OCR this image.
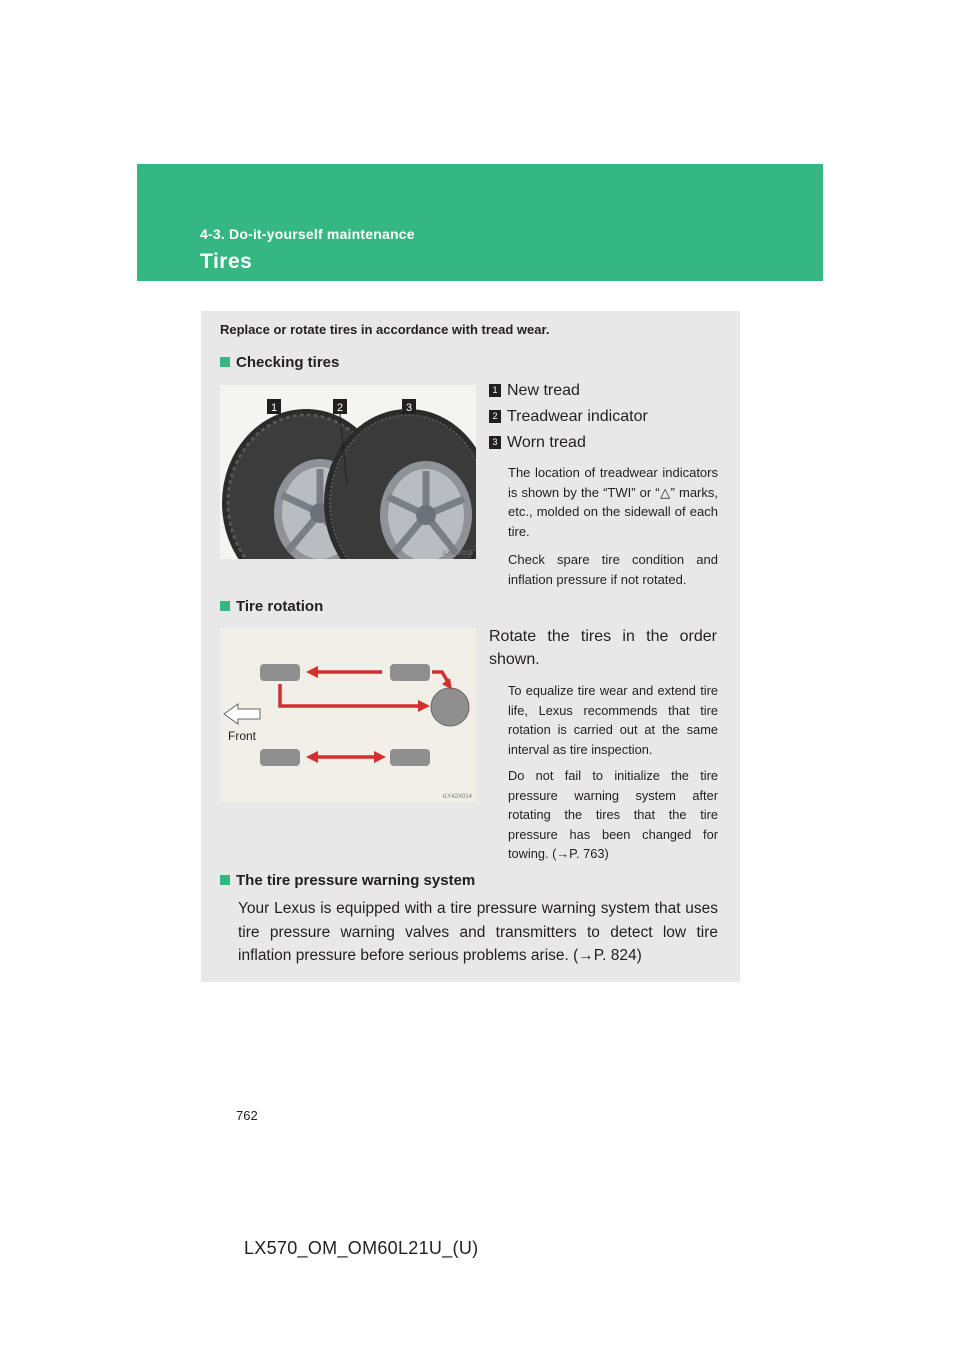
4-3. Do-it-yourself maintenance
Tires
Replace or rotate tires in accordance with tread wear.
Checking tires
1	2	3
ILY42X012
1 New tread
2 Treadwear indicator
3 Worn tread
The location of treadwear indicators is shown by the “TWI” or “△” marks, etc., molded on the sidewall of each tire.
Check spare tire condition and inflation pressure if not rotated.
Tire rotation
Front
ILY42X014
Rotate the tires in the order shown.
To equalize tire wear and extend tire life, Lexus recommends that tire rotation is carried out at the same interval as tire inspection.
Do not fail to initialize the tire pressure warning system after rotating the tires that the tire pressure has been changed for towing. (→P. 763)
The tire pressure warning system
Your Lexus is equipped with a tire pressure warning system that uses tire pressure warning valves and transmitters to detect low tire inflation pressure before serious problems arise. (→P. 824)
762
LX570_OM_OM60L21U_(U)
